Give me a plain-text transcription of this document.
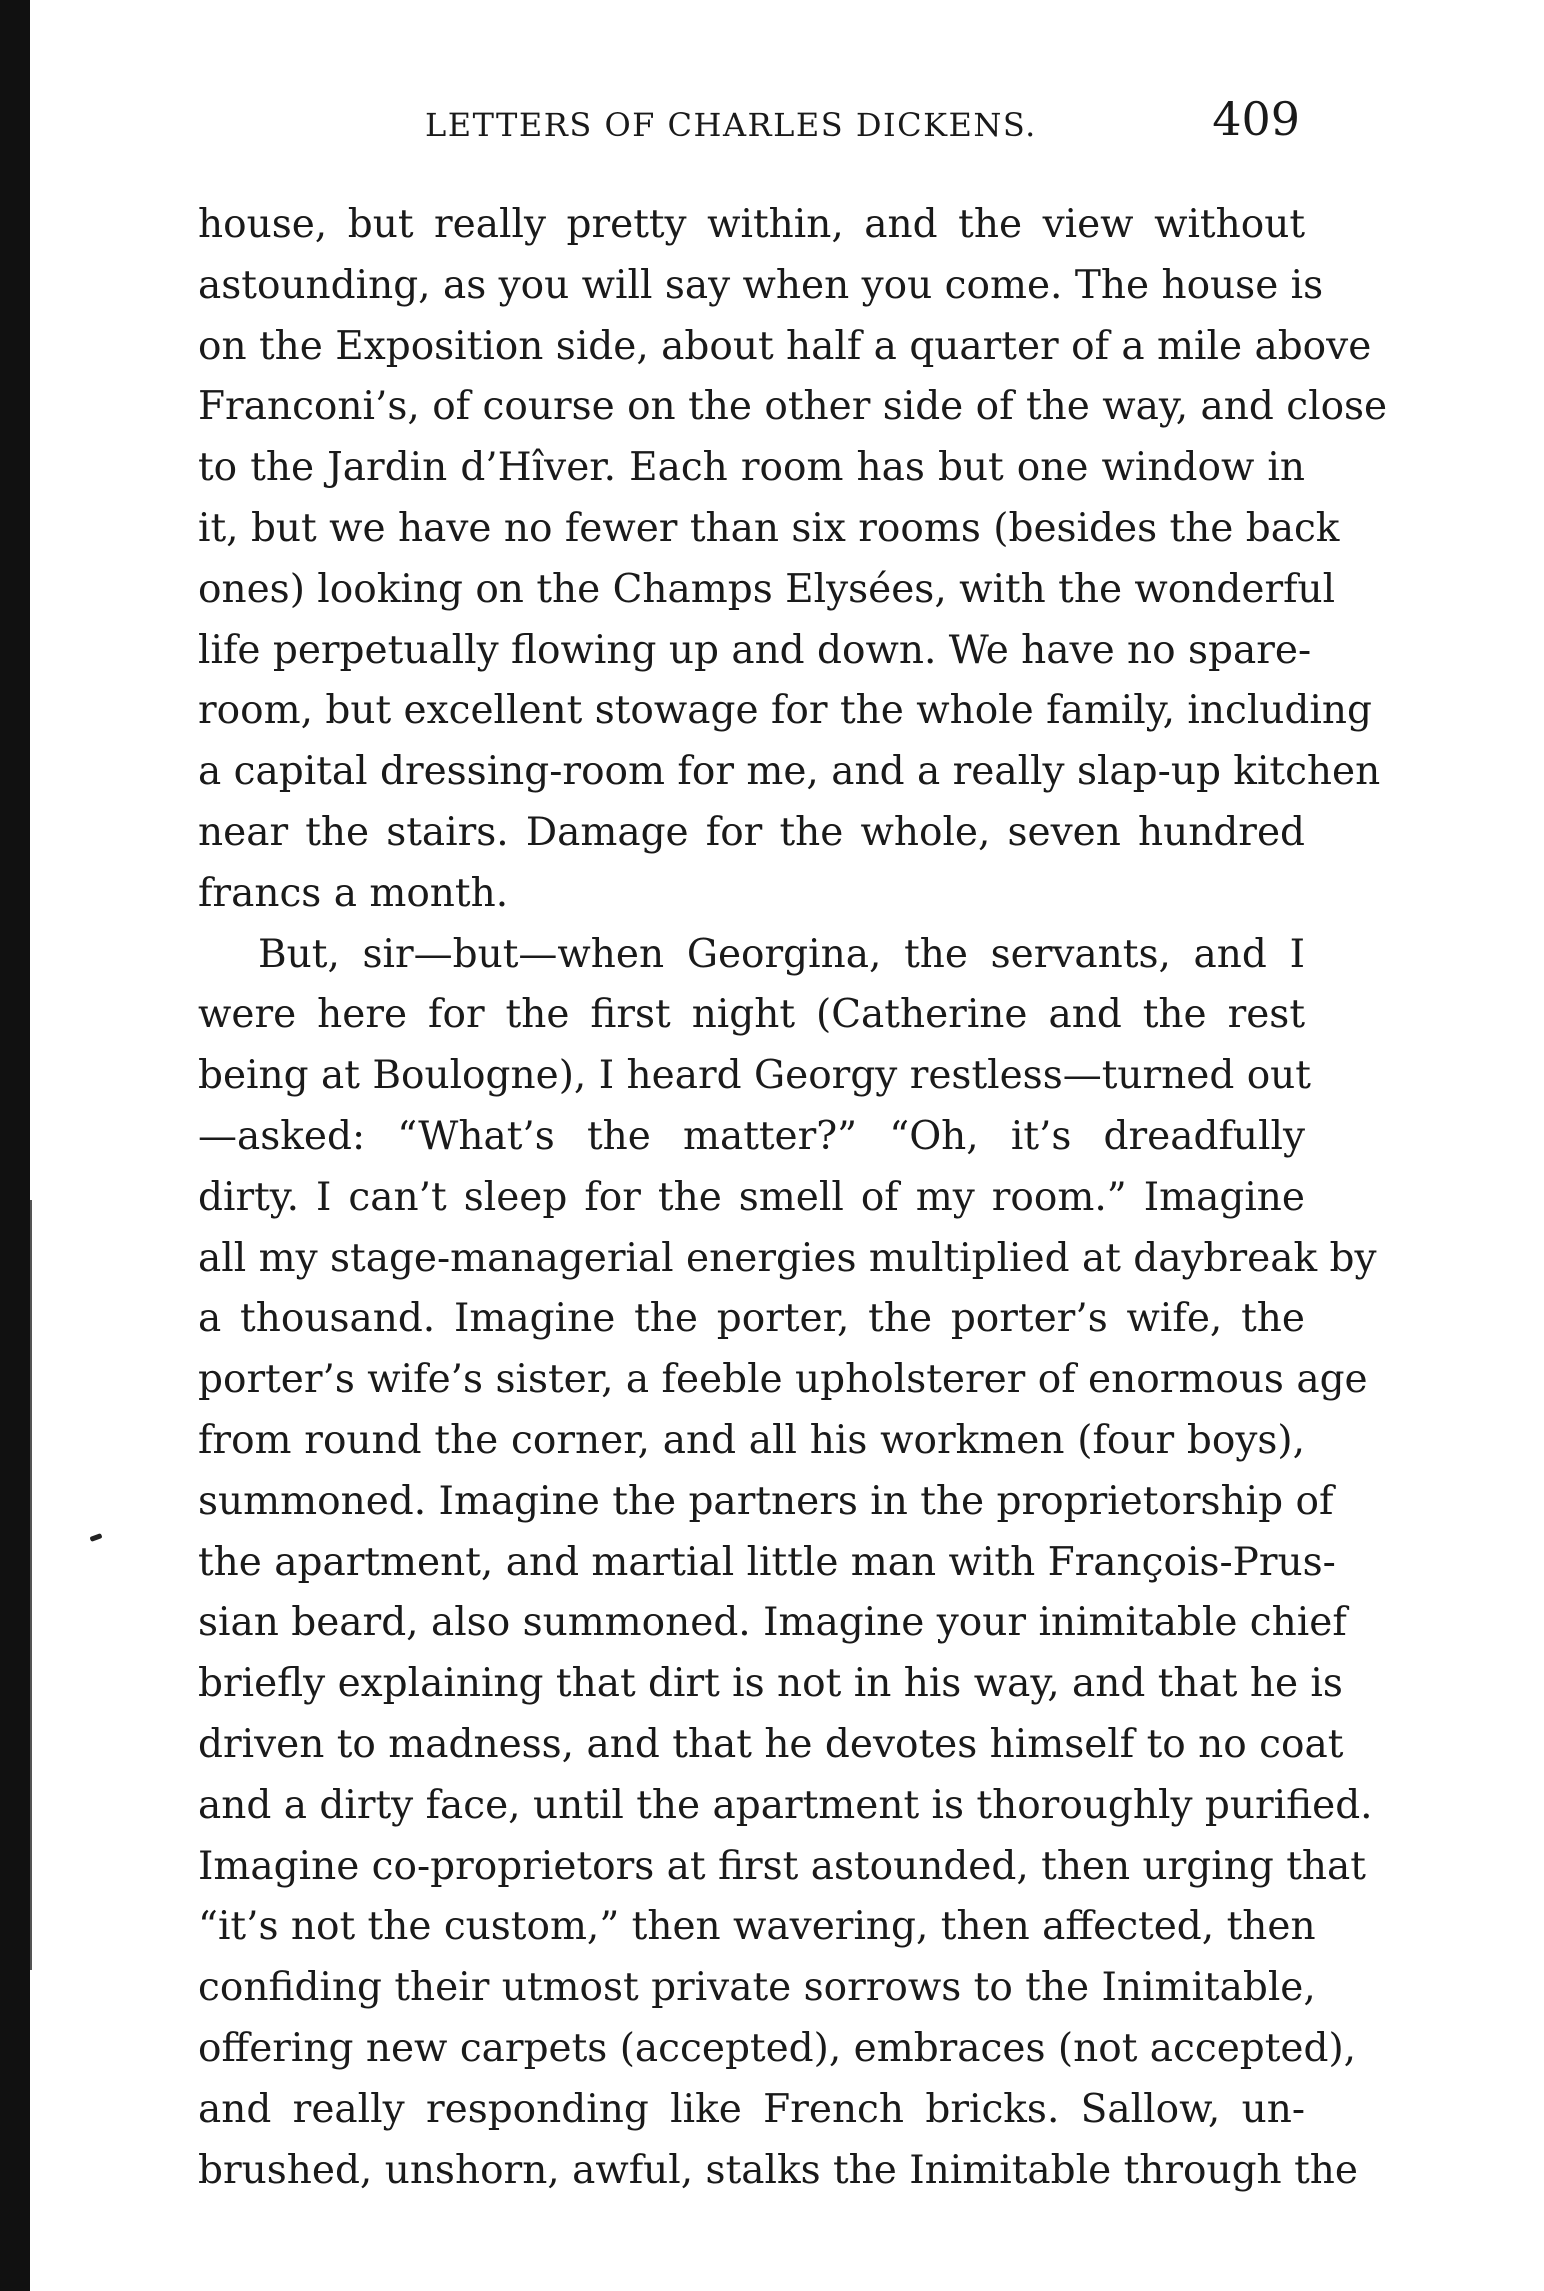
LETTERS OF CHARLES DICKENS.	409
house, but really pretty within, and the view without
astounding, as you will say when you come. The house is
on the Exposition side, about half a quarter of a mile above
Franconi’s, of course on the other side of the way, and close
to the Jardin d’Hîver. Each room has but one window in
it, but we have no fewer than six rooms (besides the back
ones) looking on the Champs Elysées, with the wonderful
life perpetually flowing up and down. We have no spare-
room, but excellent stowage for the whole family, including
a capital dressing-room for me, and a really slap-up kitchen
near the stairs. Damage for the whole, seven hundred
francs a month.
But, sir—but—when Georgina, the servants, and I
were here for the first night (Catherine and the rest
being at Boulogne), I heard Georgy restless—turned out
—asked: “What’s the matter?” “Oh, it’s dreadfully
dirty. I can’t sleep for the smell of my room.” Imagine
all my stage-managerial energies multiplied at daybreak by
a thousand. Imagine the porter, the porter’s wife, the
porter’s wife’s sister, a feeble upholsterer of enormous age
from round the corner, and all his workmen (four boys),
summoned. Imagine the partners in the proprietorship of
the apartment, and martial little man with François-Prus-
sian beard, also summoned. Imagine your inimitable chief
briefly explaining that dirt is not in his way, and that he is
driven to madness, and that he devotes himself to no coat
and a dirty face, until the apartment is thoroughly purified.
Imagine co-proprietors at first astounded, then urging that
“it’s not the custom,” then wavering, then affected, then
confiding their utmost private sorrows to the Inimitable,
offering new carpets (accepted), embraces (not accepted),
and really responding like French bricks. Sallow, un-
brushed, unshorn, awful, stalks the Inimitable through the
